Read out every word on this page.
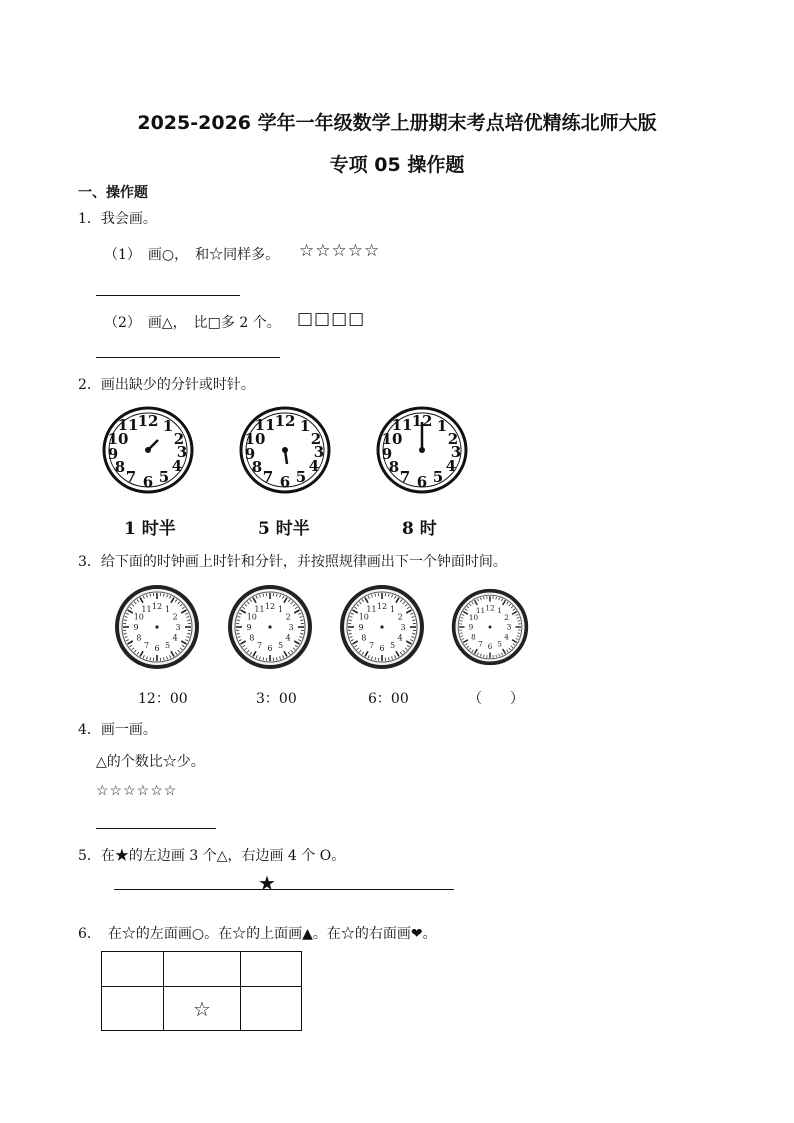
2025-2026 学年一年级数学上册期末考点培优精练北师大版
专项 05 操作题
一、操作题
1．我会画。
（1）　画○，　和☆同样多。 ☆☆☆☆☆
（2）　画△，　比□多 2 个。 □□□□
2．画出缺少的分针或时针。
12 1
2
3
4
5
6
7
8
9
10
11	12 1
2
3
4
5
6
7
8
9
10
11	12 1
2
3
4
5
6
7
8
9
10
11
1 时半	5 时半	8 时
3．给下面的时钟画上时针和分针，并按照规律画出下一个钟面时间。
1
2
3
4
5
6
7
8
9
10
11 12	1
2
3
4
5
6
7
8
9
10
11 12	1
2
3
4
5
6
7
8
9
10
11 12	1
2
3
4
5
6
7
8
9
10
11 12
12：00	3：00	6：00	（　　）
4．画一画。
△的个数比☆少。
☆☆☆☆☆☆
5．在★的左边画 3 个△，右边画 4 个 O。
★
6．　在☆的左面画○。在☆的上面画▲。在☆的右面画❤。

	☆	
